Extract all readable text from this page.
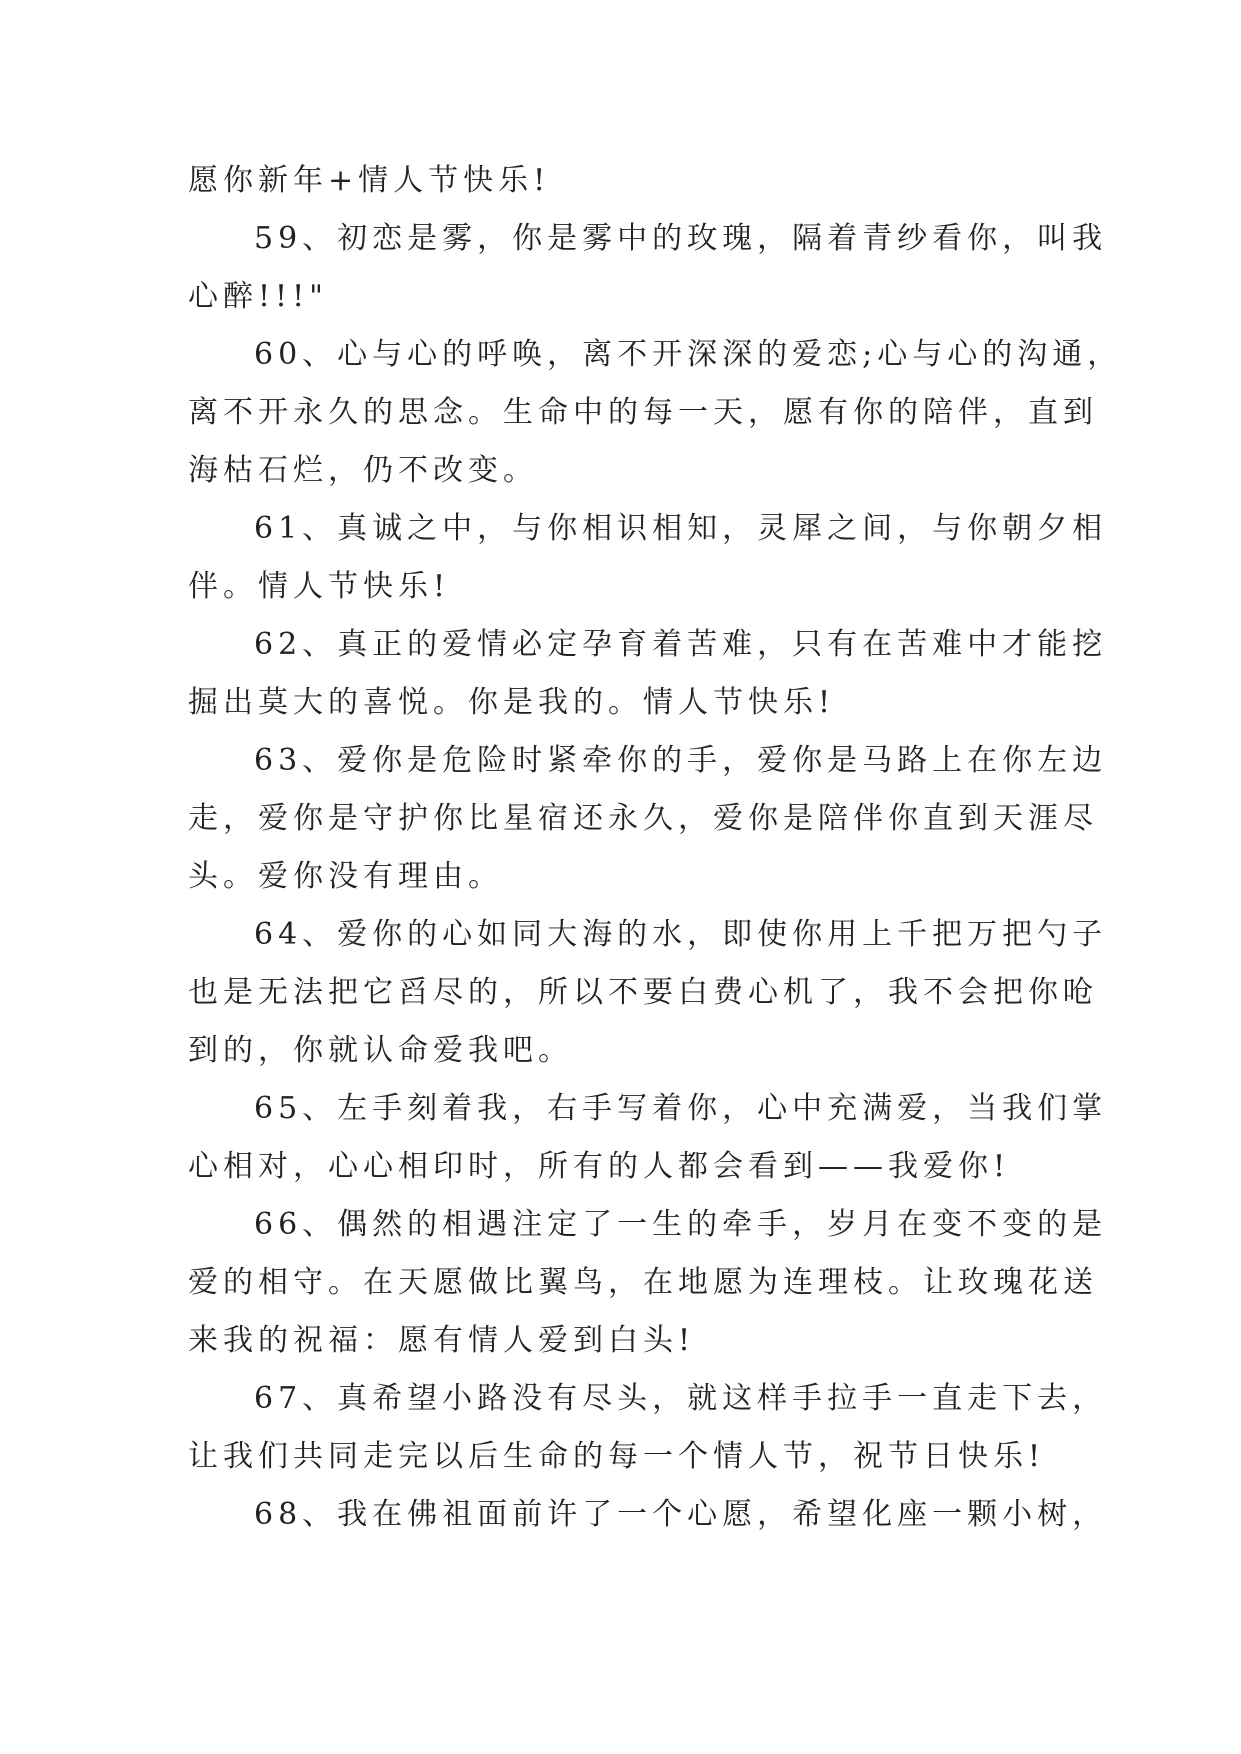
愿你新年+情人节快乐!
59、初恋是雾，你是雾中的玫瑰，隔着青纱看你，叫我
心醉!!!"
60、心与心的呼唤，离不开深深的爱恋;心与心的沟通，
离不开永久的思念。生命中的每一天，愿有你的陪伴，直到
海枯石烂，仍不改变。
61、真诚之中，与你相识相知，灵犀之间，与你朝夕相
伴。情人节快乐!
62、真正的爱情必定孕育着苦难，只有在苦难中才能挖
掘出莫大的喜悦。你是我的。情人节快乐!
63、爱你是危险时紧牵你的手，爱你是马路上在你左边
走，爱你是守护你比星宿还永久，爱你是陪伴你直到天涯尽
头。爱你没有理由。
64、爱你的心如同大海的水，即使你用上千把万把勺子
也是无法把它舀尽的，所以不要白费心机了，我不会把你呛
到的，你就认命爱我吧。
65、左手刻着我，右手写着你，心中充满爱，当我们掌
心相对，心心相印时，所有的人都会看到——我爱你!
66、偶然的相遇注定了一生的牵手，岁月在变不变的是
爱的相守。在天愿做比翼鸟，在地愿为连理枝。让玫瑰花送
来我的祝福：愿有情人爱到白头!
67、真希望小路没有尽头，就这样手拉手一直走下去，
让我们共同走完以后生命的每一个情人节，祝节日快乐!
68、我在佛祖面前许了一个心愿，希望化座一颗小树，
